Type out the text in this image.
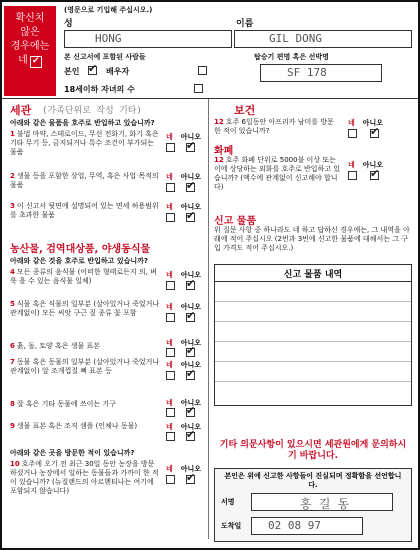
확신치
않은
경우에는
네 ✔
(영문으로 기입해 주십시오.)
성	이름
HONG	GIL DONG
본 신고서에 포함된 사람들	탑승기 편명 혹은 선박명
본인 ✔ 배우자	SF 178
18세이하 자녀의 수
세관 (가족단위로 작성 기타)
아래와 같은 물품을 호주로 반입하고 있습니까?
1 불법 마약, 스테로이드, 무선 전화기, 화기 혹은 기타 무기 등, 금지되거나 특수 조건이 부가되는 물품
네 아니오
✔
2 생물 등을 포함한 상업, 무역, 혹은 사업 목적의 물품
네 아니오
✔
3 이 신고서 뒷면에 설명되어 있는 면세 허용범위를 초과한 물품
네 아니오
✔
농산물, 검역대상품, 야생동식물
아래와 같은 것을 호주로 반입하고 있습니까?
4 모든 종류의 음식물 (어떠한 형태로든지 의, 벼룩 을 수 있는 음식물 일체)
네 아니오
✔
5 식물 혹은 식물의 일부분 (살아있거나 죽었거나 관계없이) 모든 씨앗 구근 짚 종류 꽃 포함
네 아니오
✔
6 흙, 돌, 토양 혹은 생물 표본	네 아니오
✔
7 동물 혹은 동물의 일부분 (살아있거나 죽었거나 관계없이) 알 조개껍질 뼈 표본 등
네 아니오
✔
8 잘 혹은 기타 동물에 쓰이는 기구	네 아니오
✔
9 생물 표본 혹은 조직 샘플 (인체나 동물)	네 아니오
✔
아래와 같은 곳을 방문한 적이 있습니까?
10 호주에 오기 전 최근 30일 동안 농장을 방문하셨거나 농장에서 일하는 동물들과 가까이 한 적이 있습니까? (뉴질랜드의 아르헨티나는 여기에 포함되지 않습니다)
네 아니오
✔
보건
12 호주 6일동안 아프리카 남미를 방문한 적이 있습니까?
네 아니오
✔
화폐
12 호주 화폐 단위로 5000불 이상 또는 이에 상당하는 외화를 호주로 반입하고 있습니까? (액수에 관계없이 신고해야 합니다)
네 아니오
✔
신고 물품
위 질문 사항 중 하나라도 네 하고 답하신 경우에는, 그 내역을 아래에 적어 주십시오 (2번과 3번에 신고한 물품에 대해서는 그 구입 가격도 적어 주십시오.)
신고 물품 내역
기타 의문사항이 있으시면 세관원에게 문의하시기 바랍니다.
본인은 위에 신고한 사항들이 진실되며 정확함을 선언합니다.
서명	홍 길 동
도착일 02 08 97
